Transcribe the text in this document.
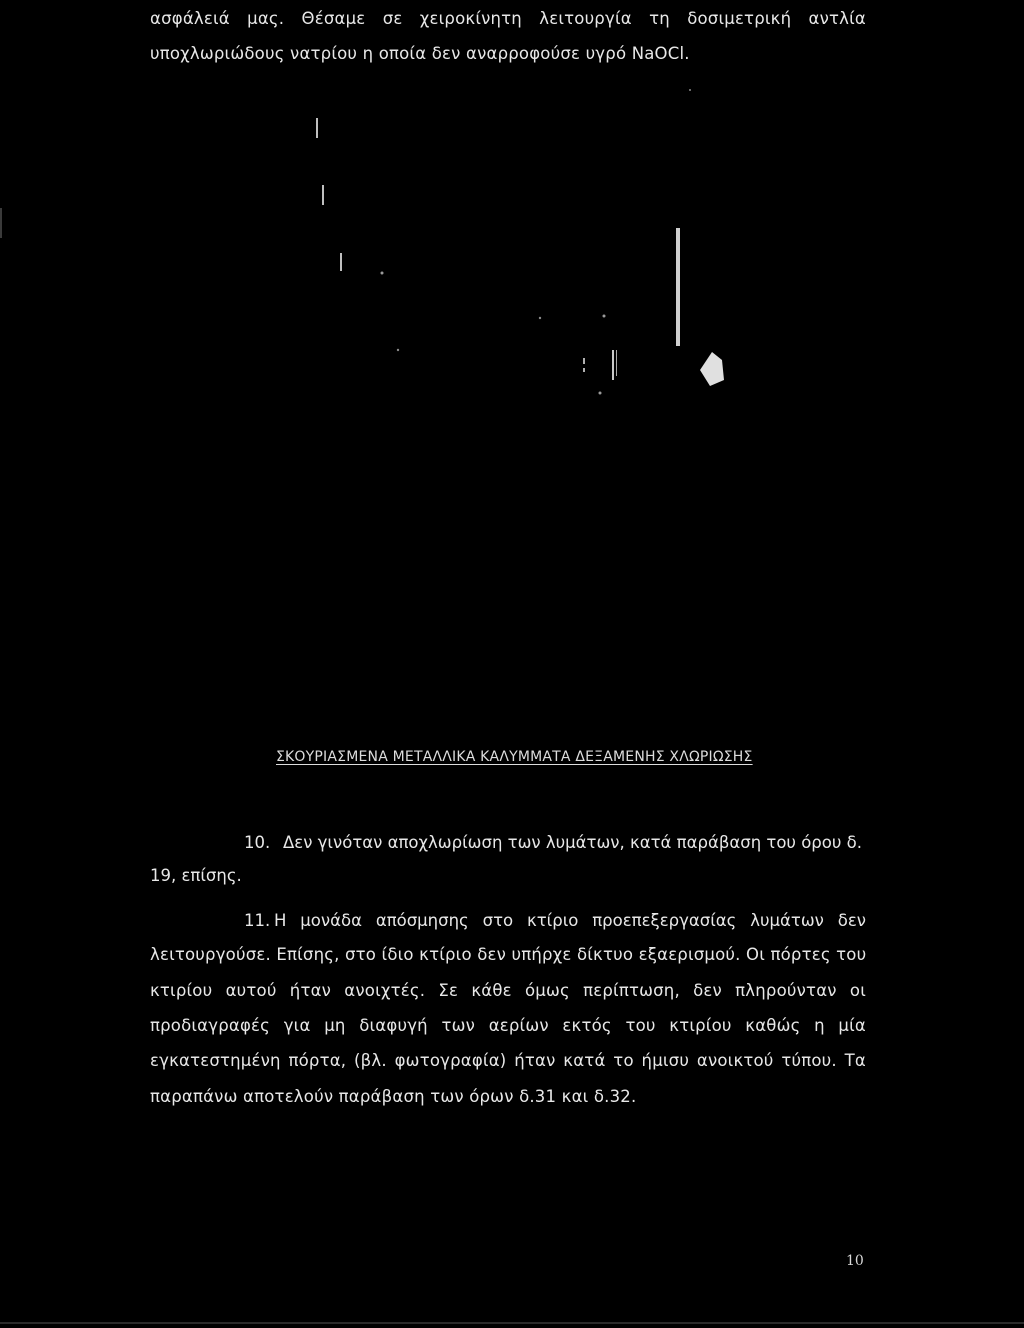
ασφάλειά μας. Θέσαμε σε χειροκίνητη λειτουργία τη δοσιμετρική αντλία
υποχλωριώδους νατρίου η οποία δεν αναρροφούσε υγρό NaOCl.
ΣΚΟΥΡΙΑΣΜΕΝΑ ΜΕΤΑΛΛΙΚΑ ΚΑΛΥΜΜΑΤΑ ΔΕΞΑΜΕΝΗΣ ΧΛΩΡΙΩΣΗΣ
10. Δεν γινόταν αποχλωρίωση των λυμάτων, κατά παράβαση του όρου δ.
19, επίσης.
11. Η μονάδα απόσμησης στο κτίριο προεπεξεργασίας λυμάτων δεν
λειτουργούσε. Επίσης, στο ίδιο κτίριο δεν υπήρχε δίκτυο εξαερισμού. Οι πόρτες του
κτιρίου αυτού ήταν ανοιχτές. Σε κάθε όμως περίπτωση, δεν πληρούνταν οι
προδιαγραφές για μη διαφυγή των αερίων εκτός του κτιρίου καθώς η μία
εγκατεστημένη πόρτα, (βλ. φωτογραφία) ήταν κατά το ήμισυ ανοικτού τύπου. Τα
παραπάνω αποτελούν παράβαση των όρων δ.31 και δ.32.
10
